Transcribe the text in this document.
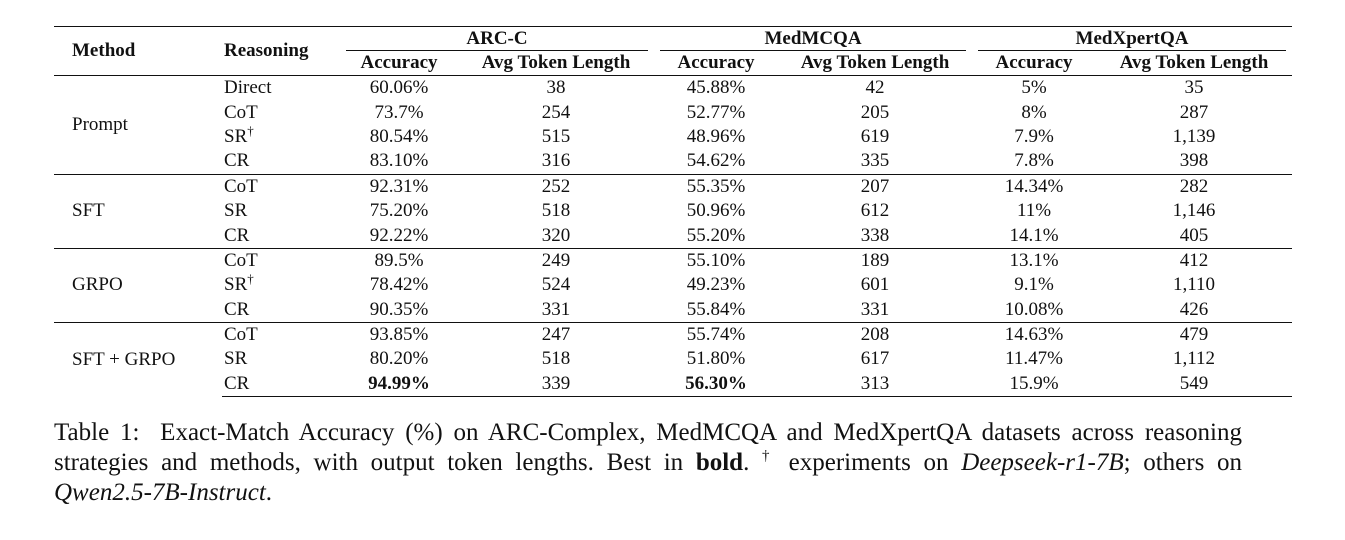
Method	Reasoning	ARC-C		MedMCQA		MedXpertQA	

		Accuracy	Avg Token Length	Accuracy	Avg Token Length	Accuracy	Avg Token Length
Prompt	Direct	60.06%	38	45.88%	42	5%	35
	CoT	73.7%	254	52.77%	205	8%	287
	SR†	80.54%	515	48.96%	619	7.9%	1,139
	CR	83.10%	316	54.62%	335	7.8%	398
SFT	CoT	92.31%	252	55.35%	207	14.34%	282
	SR	75.20%	518	50.96%	612	11%	1,146
	CR	92.22%	320	55.20%	338	14.1%	405
GRPO	CoT	89.5%	249	55.10%	189	13.1%	412
	SR†	78.42%	524	49.23%	601	9.1%	1,110
	CR	90.35%	331	55.84%	331	10.08%	426
SFT + GRPO	CoT	93.85%	247	55.74%	208	14.63%	479
	SR	80.20%	518	51.80%	617	11.47%	1,112
	CR	94.99%	339	56.30%	313	15.9%	549
Table 1: Exact-Match Accuracy (%) on ARC-Complex, MedMCQA and MedXpertQA datasets across reasoning strategies and methods, with output token lengths. Best in bold. † experiments on Deepseek-r1-7B; others on Qwen2.5-7B-Instruct.
